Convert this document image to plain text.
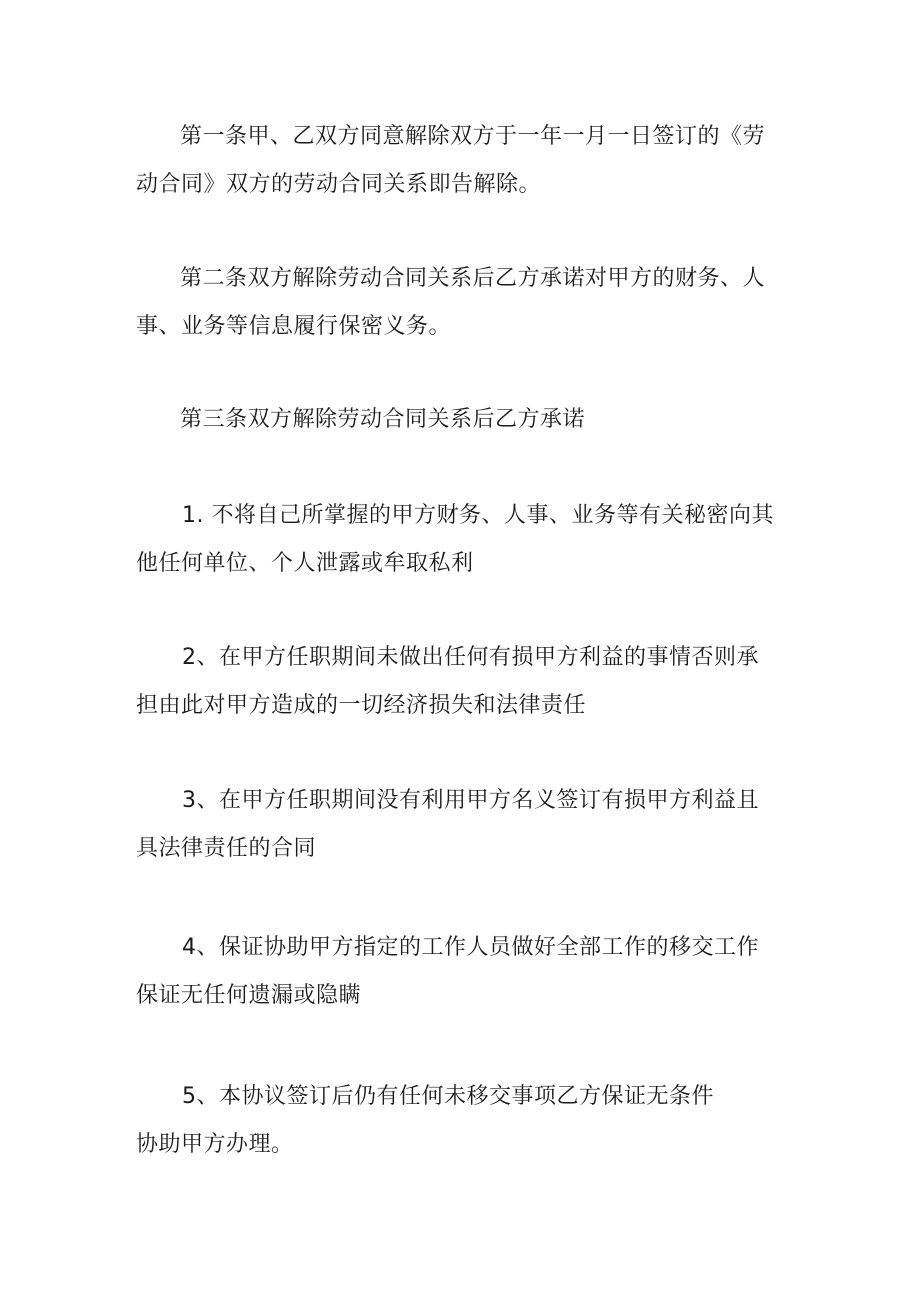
第一条甲、乙双方同意解除双方于一年一月一日签订的《劳
动合同》双方的劳动合同关系即告解除。

第二条双方解除劳动合同关系后乙方承诺对甲方的财务、人
事、业务等信息履行保密义务。

第三条双方解除劳动合同关系后乙方承诺

1. 不将自己所掌握的甲方财务、人事、业务等有关秘密向其
他任何单位、个人泄露或牟取私利

2、在甲方任职期间未做出任何有损甲方利益的事情否则承
担由此对甲方造成的一切经济损失和法律责任

3、在甲方任职期间没有利用甲方名义签订有损甲方利益且
具法律责任的合同

4、保证协助甲方指定的工作人员做好全部工作的移交工作
保证无任何遗漏或隐瞒

5、本协议签订后仍有任何未移交事项乙方保证无条件
协助甲方办理。
